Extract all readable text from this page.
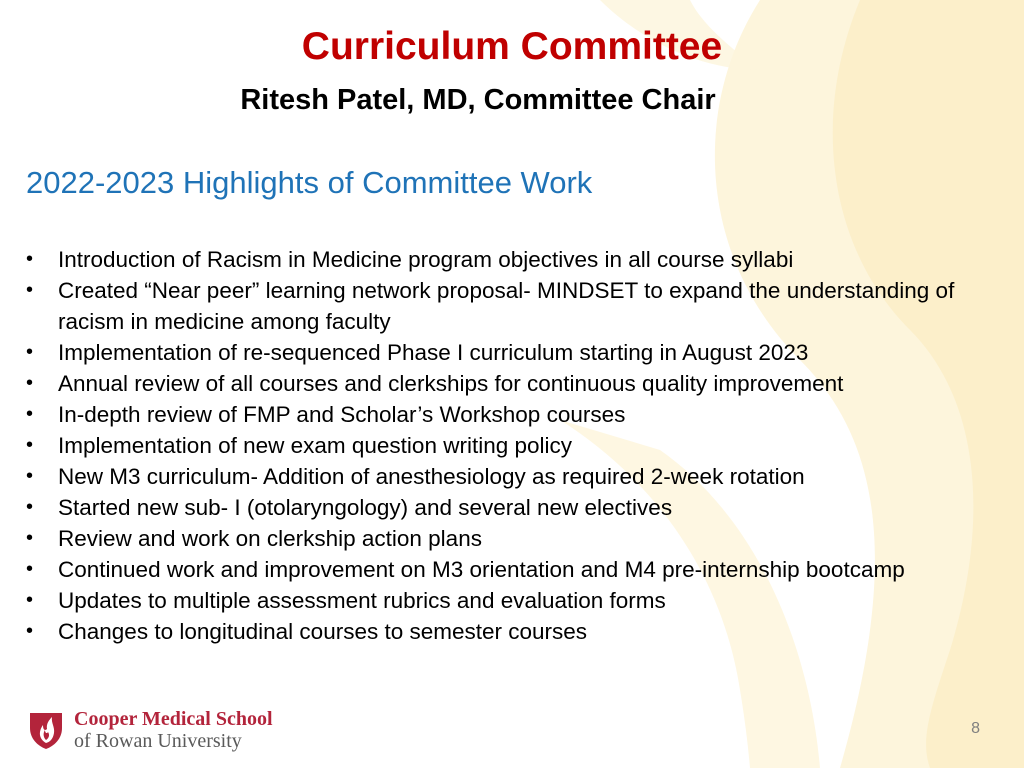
Curriculum Committee
Ritesh Patel, MD, Committee Chair
2022-2023 Highlights of Committee Work
• Introduction of Racism in Medicine program objectives in all course syllabi
• Created “Near peer” learning network proposal- MINDSET to expand the understanding of racism in medicine among faculty
• Implementation of re-sequenced Phase I curriculum starting in August 2023
• Annual review of all courses and clerkships for continuous quality improvement
• In-depth review of FMP and Scholar’s Workshop courses
• Implementation of new exam question writing policy
• New M3 curriculum- Addition of anesthesiology as required 2-week rotation
• Started new sub- I (otolaryngology) and several new electives
• Review and work on clerkship action plans
• Continued work and improvement on M3 orientation and M4 pre-internship bootcamp
• Updates to multiple assessment rubrics and evaluation forms
• Changes to longitudinal courses to semester courses
Cooper Medical School
of Rowan University
8
